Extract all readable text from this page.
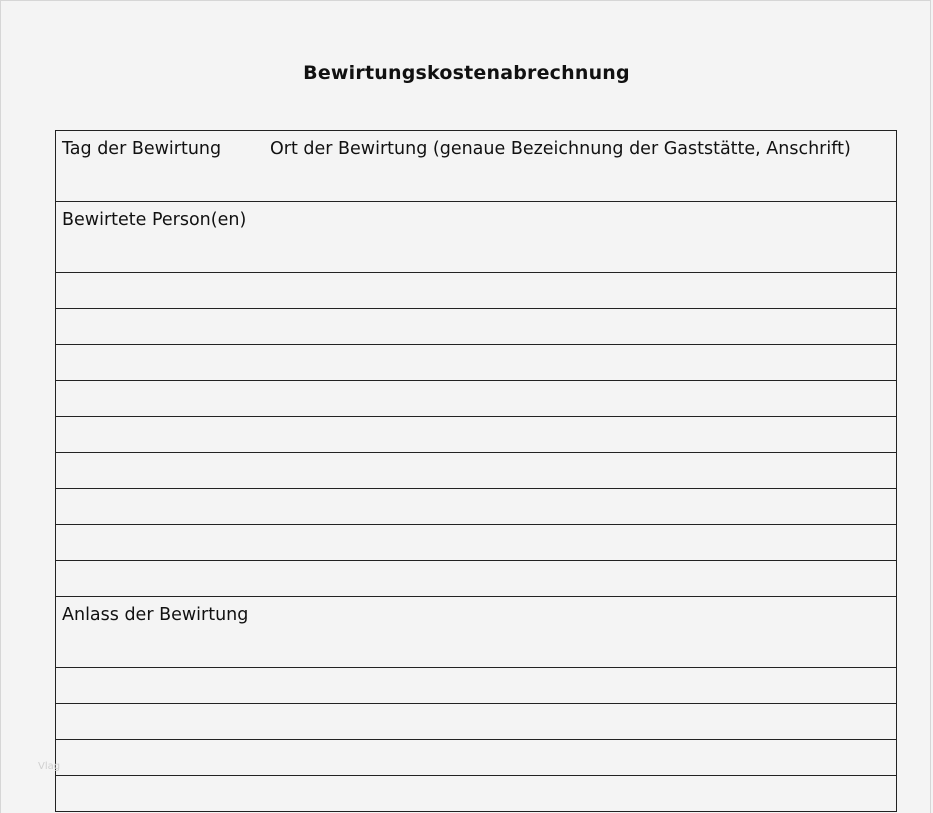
Bewirtungskostenabrechnung
Tag der Bewirtung	Ort der Bewirtung (genaue Bezeichnung der Gaststätte, Anschrift)
Bewirtete Person(en)
Anlass der Bewirtung
Vlag
